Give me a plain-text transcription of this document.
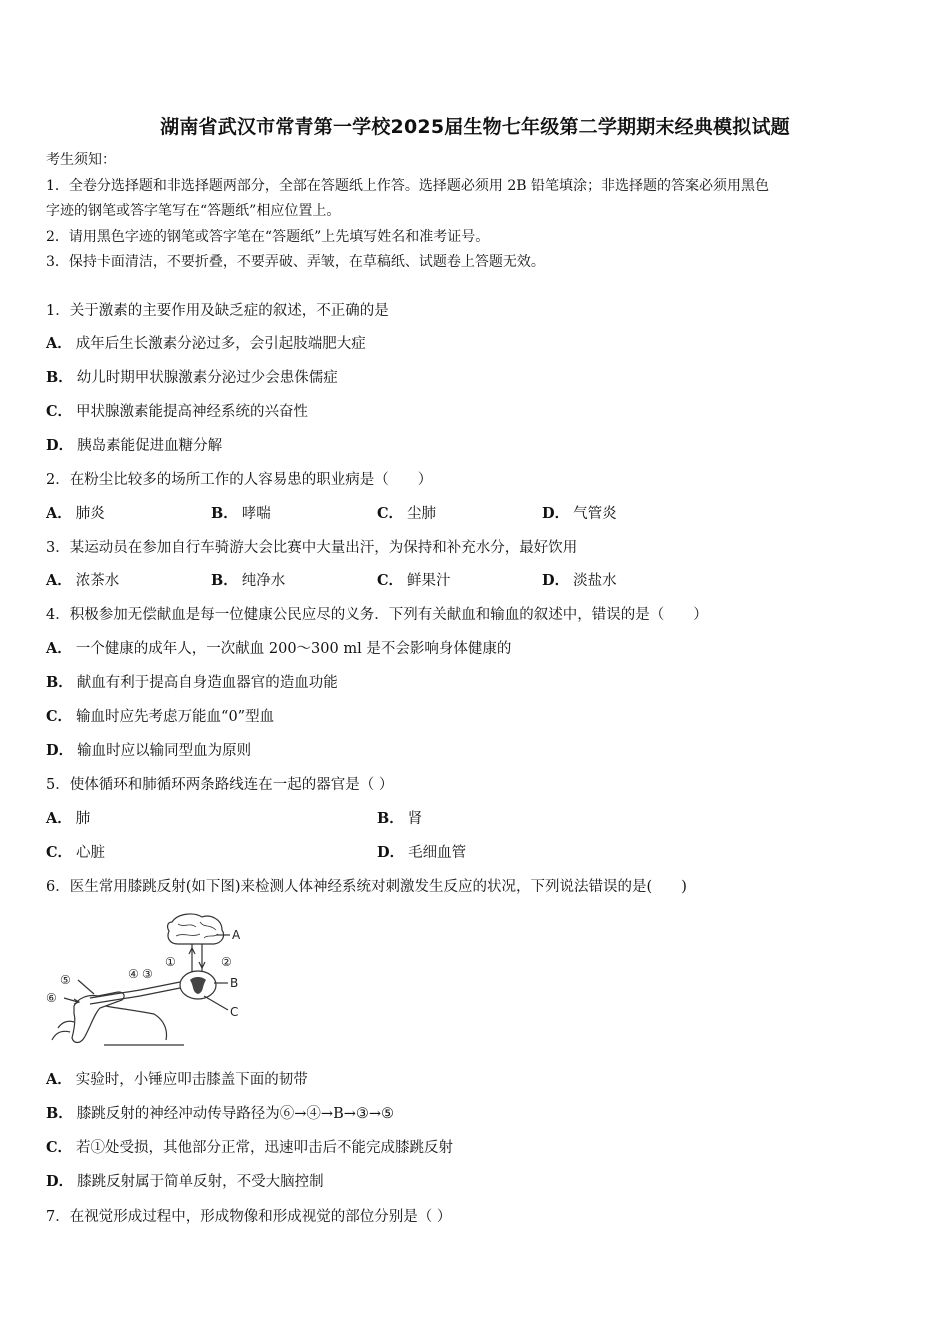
湖南省武汉市常青第一学校2025届生物七年级第二学期期末经典模拟试题
考生须知：
1．全卷分选择题和非选择题两部分，全部在答题纸上作答。选择题必须用 2B 铅笔填涂；非选择题的答案必须用黑色
字迹的钢笔或答字笔写在“答题纸”相应位置上。
2．请用黑色字迹的钢笔或答字笔在“答题纸”上先填写姓名和准考证号。
3．保持卡面清洁，不要折叠，不要弄破、弄皱，在草稿纸、试题卷上答题无效。
1．关于激素的主要作用及缺乏症的叙述，不正确的是
A． 成年后生长激素分泌过多，会引起肢端肥大症
B． 幼儿时期甲状腺激素分泌过少会患侏儒症
C． 甲状腺激素能提高神经系统的兴奋性
D． 胰岛素能促进血糖分解
2．在粉尘比较多的场所工作的人容易患的职业病是（　　）
A． 肺炎	B． 哮喘	C． 尘肺	D． 气管炎
3．某运动员在参加自行车骑游大会比赛中大量出汗，为保持和补充水分，最好饮用
A． 浓茶水	B． 纯净水	C． 鲜果汁	D． 淡盐水
4．积极参加无偿献血是每一位健康公民应尽的义务．下列有关献血和输血的叙述中，错误的是（　　）
A． 一个健康的成年人，一次献血 200～300 ml 是不会影响身体健康的
B． 献血有利于提高自身造血器官的造血功能
C． 输血时应先考虑万能血“0”型血
D． 输血时应以输同型血为原则
5．使体循环和肺循环两条路线连在一起的器官是（ ）
A． 肺	B． 肾
C． 心脏	D． 毛细血管
6．医生常用膝跳反射(如下图)来检测人体神经系统对刺激发生反应的状况，下列说法错误的是(　　)
A
B
C
①	②
③
④
⑤
⑥
A． 实验时，小锤应叩击膝盖下面的韧带
B． 膝跳反射的神经冲动传导路径为⑥→④→B→③→⑤
C． 若①处受损，其他部分正常，迅速叩击后不能完成膝跳反射
D． 膝跳反射属于简单反射，不受大脑控制
7．在视觉形成过程中，形成物像和形成视觉的部位分别是（ ）
